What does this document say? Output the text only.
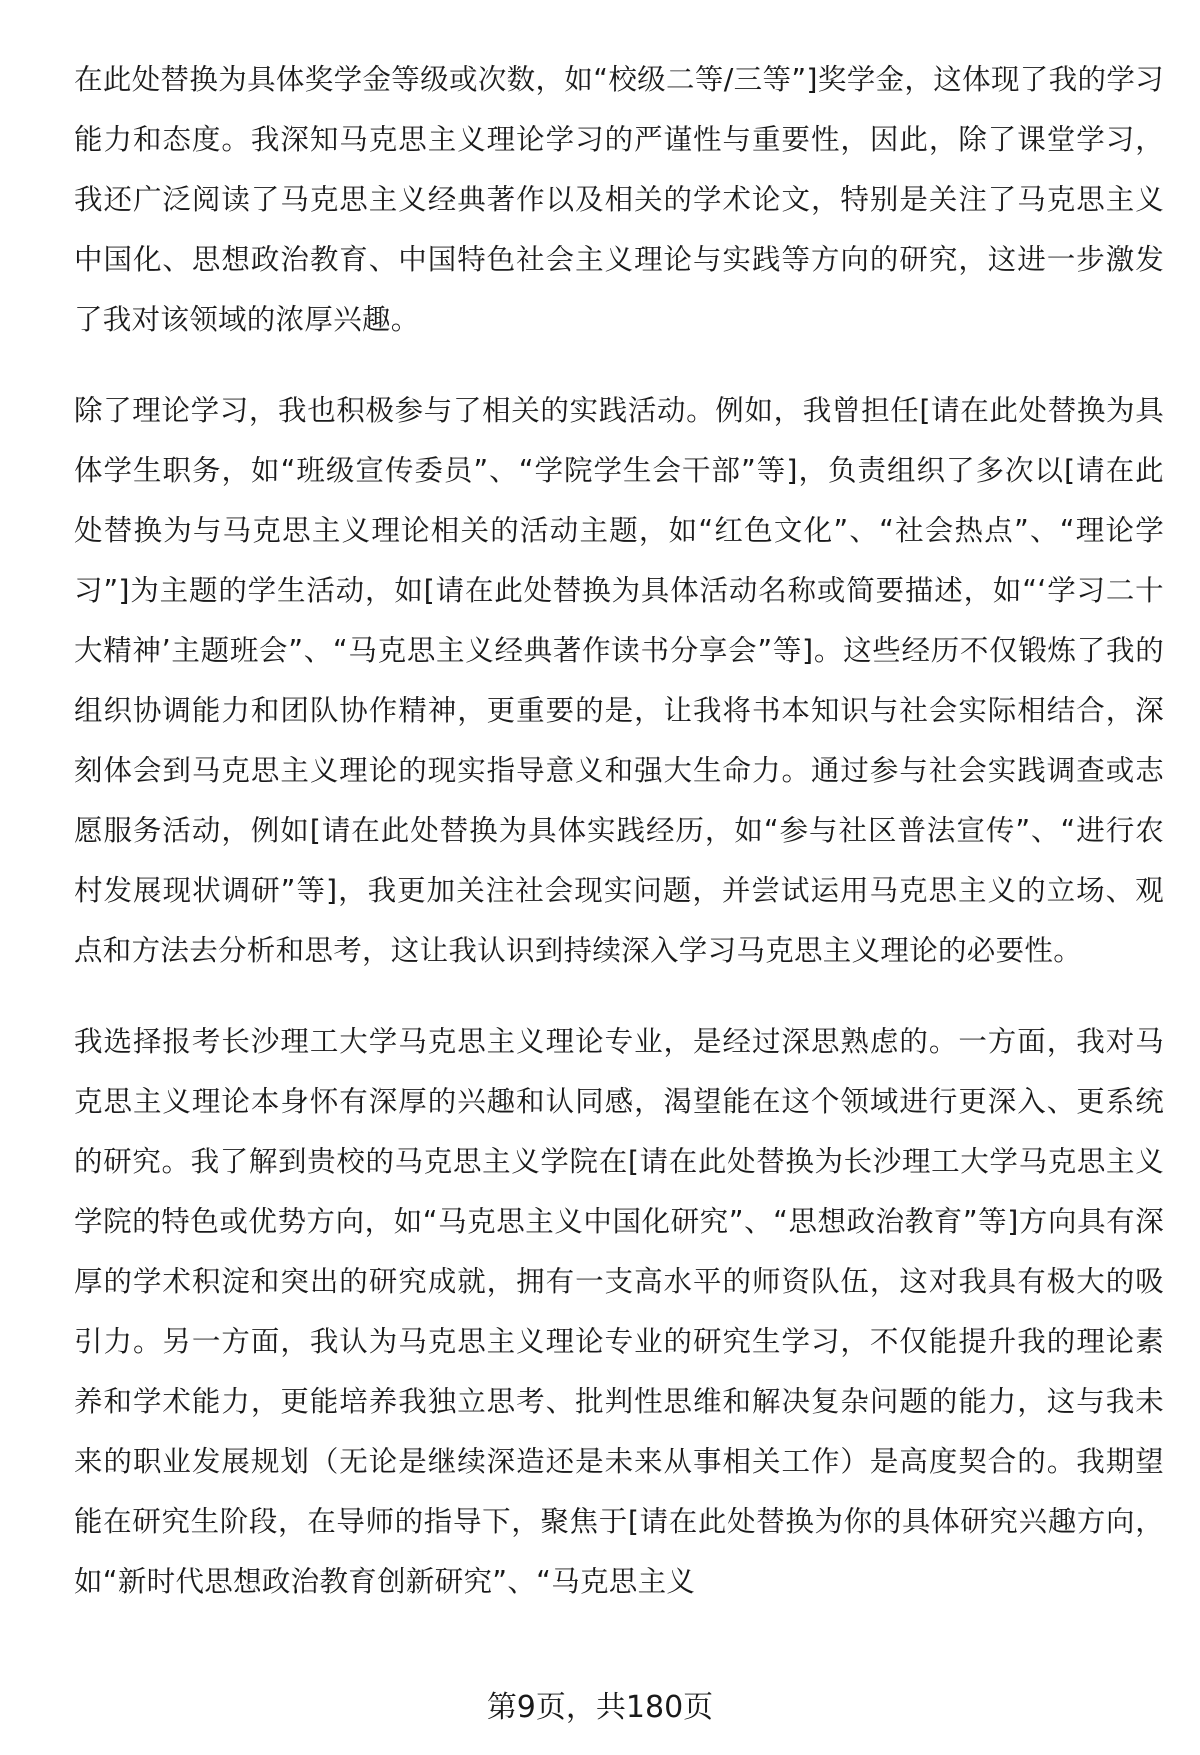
在此处替换为具体奖学金等级或次数，如“校级二等/三等”]奖学金，这体现了我的学习能力和态度。我深知马克思主义理论学习的严谨性与重要性，因此，除了课堂学习，我还广泛阅读了马克思主义经典著作以及相关的学术论文，特别是关注了马克思主义中国化、思想政治教育、中国特色社会主义理论与实践等方向的研究，这进一步激发了我对该领域的浓厚兴趣。

除了理论学习，我也积极参与了相关的实践活动。例如，我曾担任[请在此处替换为具体学生职务，如“班级宣传委员”、“学院学生会干部”等]，负责组织了多次以[请在此处替换为与马克思主义理论相关的活动主题，如“红色文化”、“社会热点”、“理论学习”]为主题的学生活动，如[请在此处替换为具体活动名称或简要描述，如“‘学习二十大精神’主题班会”、“马克思主义经典著作读书分享会”等]。这些经历不仅锻炼了我的组织协调能力和团队协作精神，更重要的是，让我将书本知识与社会实际相结合，深刻体会到马克思主义理论的现实指导意义和强大生命力。通过参与社会实践调查或志愿服务活动，例如[请在此处替换为具体实践经历，如“参与社区普法宣传”、“进行农村发展现状调研”等]，我更加关注社会现实问题，并尝试运用马克思主义的立场、观点和方法去分析和思考，这让我认识到持续深入学习马克思主义理论的必要性。

我选择报考长沙理工大学马克思主义理论专业，是经过深思熟虑的。一方面，我对马克思主义理论本身怀有深厚的兴趣和认同感，渴望能在这个领域进行更深入、更系统的研究。我了解到贵校的马克思主义学院在[请在此处替换为长沙理工大学马克思主义学院的特色或优势方向，如“马克思主义中国化研究”、“思想政治教育”等]方向具有深厚的学术积淀和突出的研究成就，拥有一支高水平的师资队伍，这对我具有极大的吸引力。另一方面，我认为马克思主义理论专业的研究生学习，不仅能提升我的理论素养和学术能力，更能培养我独立思考、批判性思维和解决复杂问题的能力，这与我未来的职业发展规划（无论是继续深造还是未来从事相关工作）是高度契合的。我期望能在研究生阶段，在导师的指导下，聚焦于[请在此处替换为你的具体研究兴趣方向，如“新时代思想政治教育创新研究”、“马克思主义

第9页，共180页
